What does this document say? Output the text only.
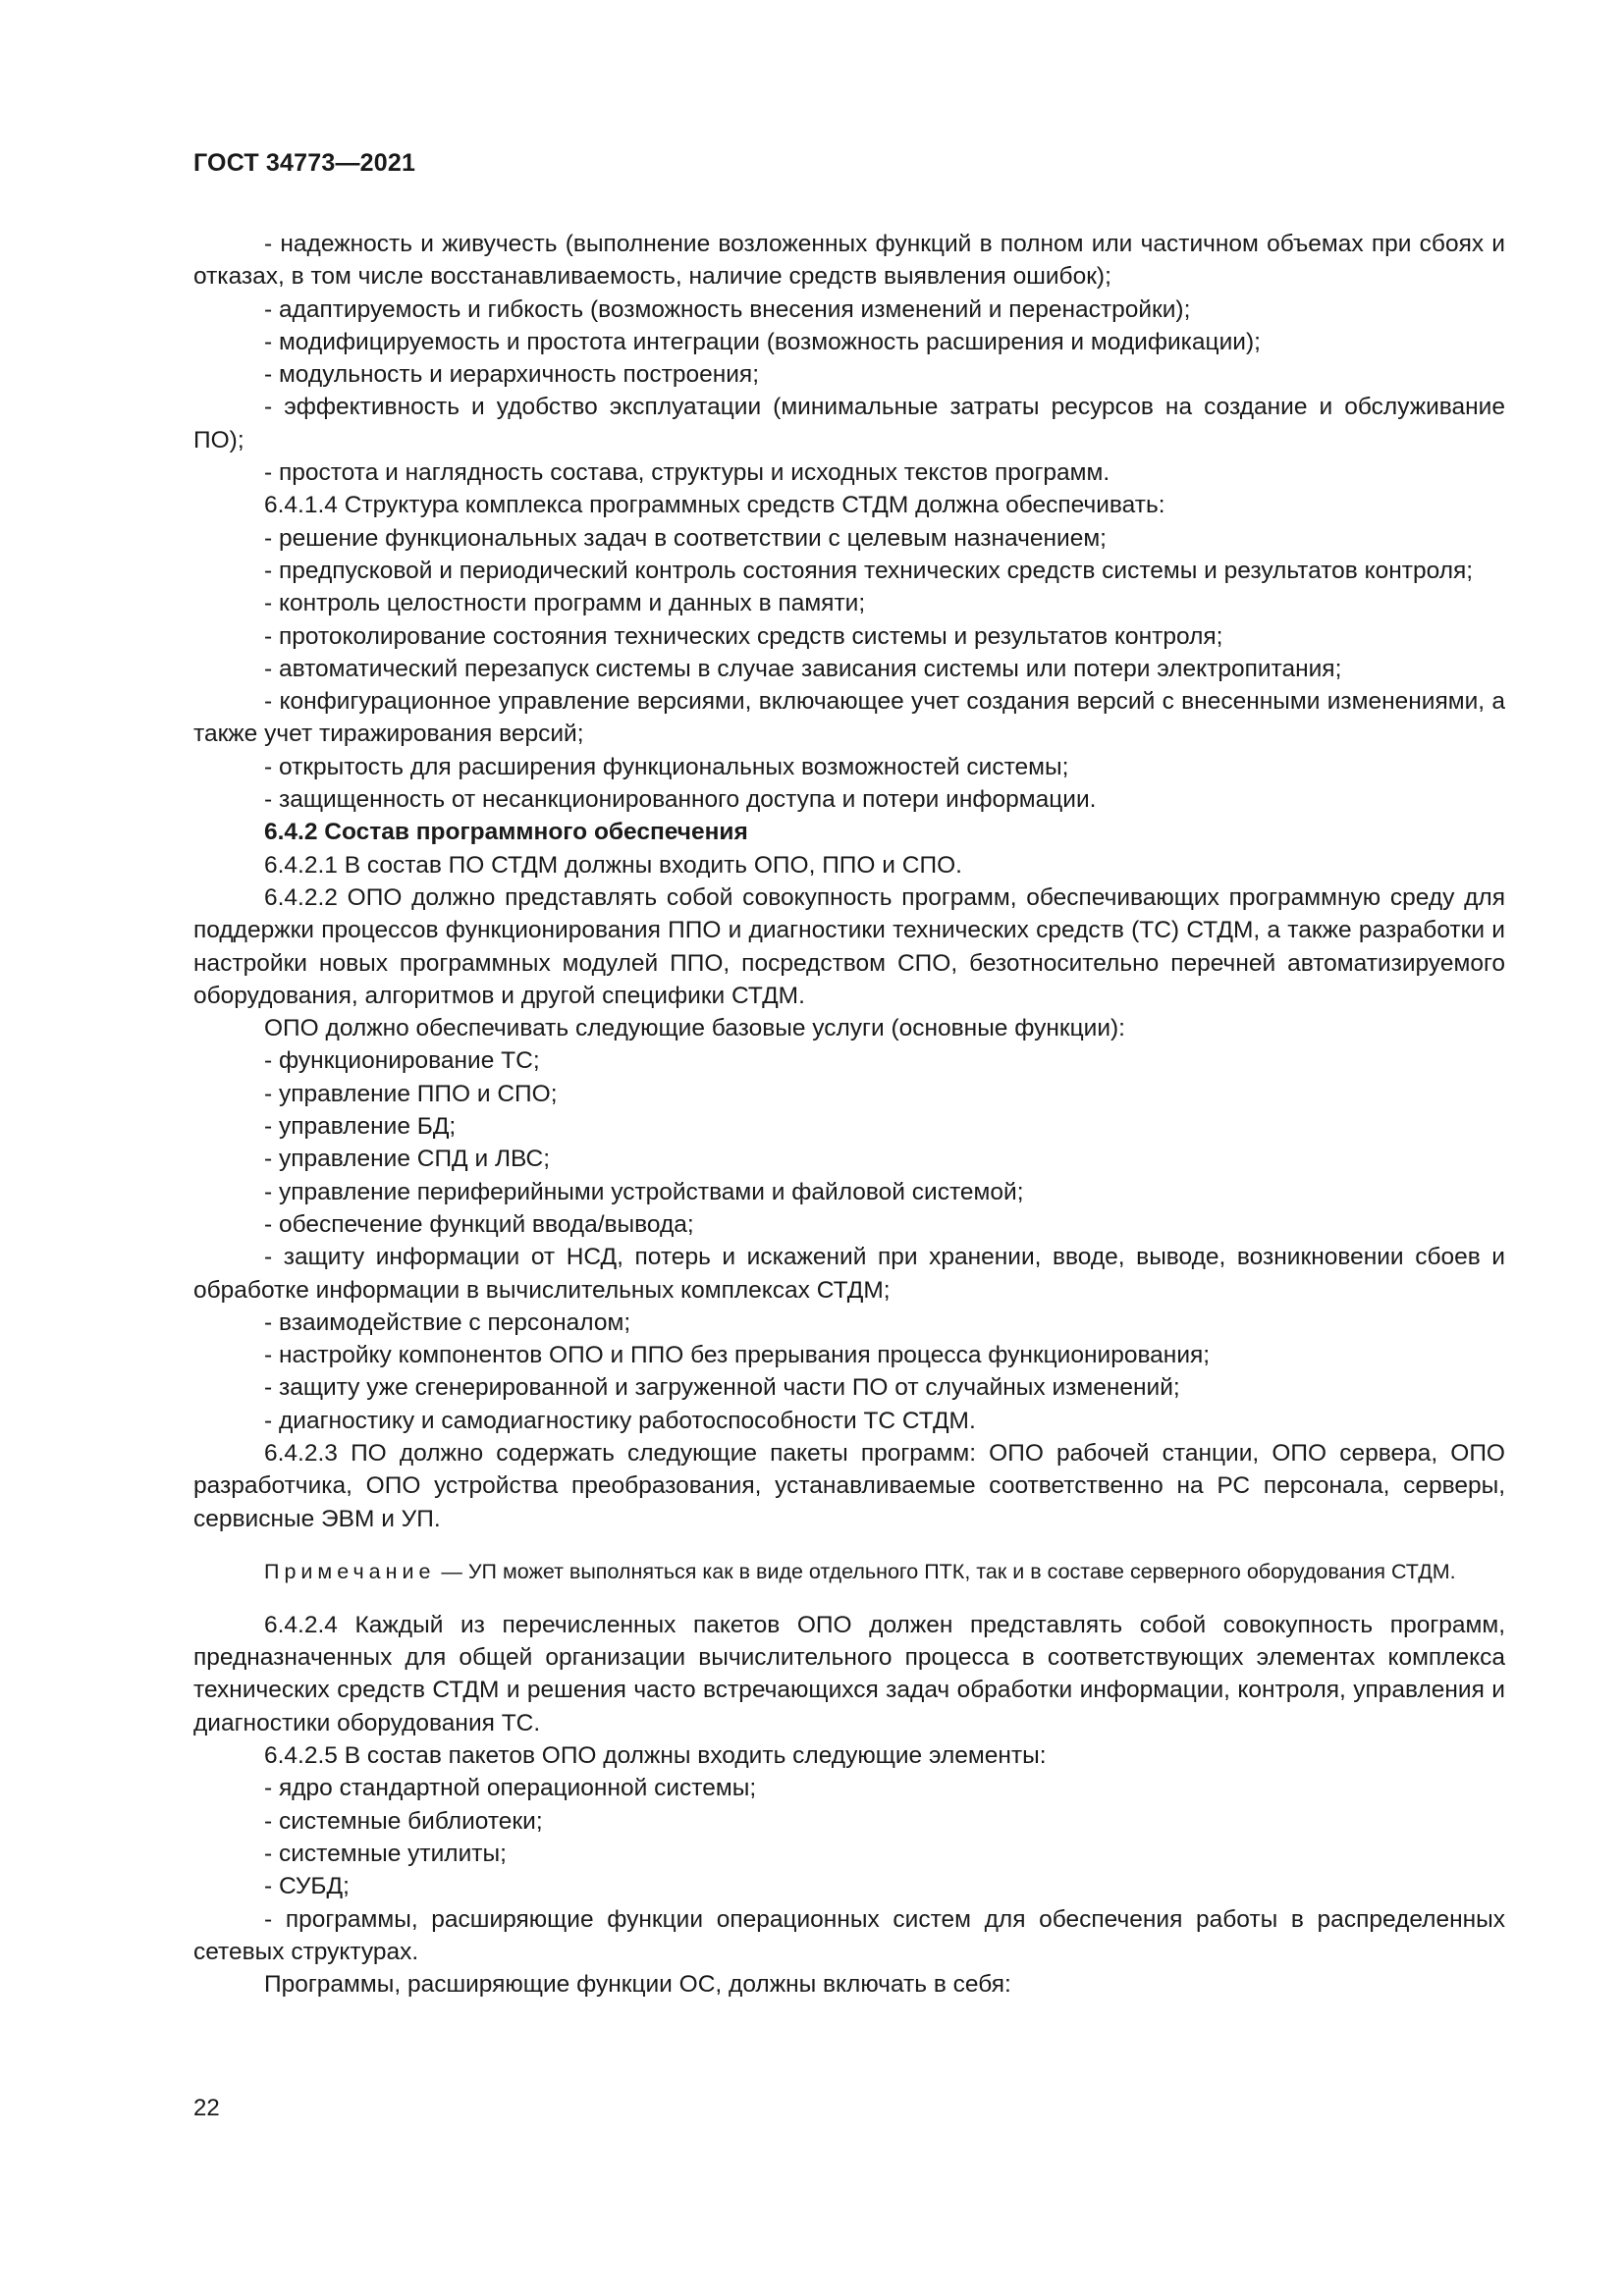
ГОСТ 34773—2021

- надежность и живучесть (выполнение возложенных функций в полном или частичном объемах при сбоях и отказах, в том числе восстанавливаемость, наличие средств выявления ошибок);

- адаптируемость и гибкость (возможность внесения изменений и перенастройки);

- модифицируемость и простота интеграции (возможность расширения и модификации);

- модульность и иерархичность построения;

- эффективность и удобство эксплуатации (минимальные затраты ресурсов на создание и обслуживание ПО);

- простота и наглядность состава, структуры и исходных текстов программ.

6.4.1.4 Структура комплекса программных средств СТДМ должна обеспечивать:

- решение функциональных задач в соответствии с целевым назначением;

- предпусковой и периодический контроль состояния технических средств системы и результатов контроля;

- контроль целостности программ и данных в памяти;

- протоколирование состояния технических средств системы и результатов контроля;

- автоматический перезапуск системы в случае зависания системы или потери электропитания;

- конфигурационное управление версиями, включающее учет создания версий с внесенными изменениями, а также учет тиражирования версий;

- открытость для расширения функциональных возможностей системы;

- защищенность от несанкционированного доступа и потери информации.

6.4.2 Состав программного обеспечения

6.4.2.1 В состав ПО СТДМ должны входить ОПО, ППО и СПО.

6.4.2.2 ОПО должно представлять собой совокупность программ, обеспечивающих программную среду для поддержки процессов функционирования ППО и диагностики технических средств (ТС) СТДМ, а также разработки и настройки новых программных модулей ППО, посредством СПО, безотносительно перечней автоматизируемого оборудования, алгоритмов и другой специфики СТДМ.

ОПО должно обеспечивать следующие базовые услуги (основные функции):

- функционирование ТС;

- управление ППО и СПО;

- управление БД;

- управление СПД и ЛВС;

- управление периферийными устройствами и файловой системой;

- обеспечение функций ввода/вывода;

- защиту информации от НСД, потерь и искажений при хранении, вводе, выводе, возникновении сбоев и обработке информации в вычислительных комплексах СТДМ;

- взаимодействие с персоналом;

- настройку компонентов ОПО и ППО без прерывания процесса функционирования;

- защиту уже сгенерированной и загруженной части ПО от случайных изменений;

- диагностику и самодиагностику работоспособности ТС СТДМ.

6.4.2.3 ПО должно содержать следующие пакеты программ: ОПО рабочей станции, ОПО сервера, ОПО разработчика, ОПО устройства преобразования, устанавливаемые соответственно на РС персонала, серверы, сервисные ЭВМ и УП.

Примечание — УП может выполняться как в виде отдельного ПТК, так и в составе серверного оборудования СТДМ.

6.4.2.4 Каждый из перечисленных пакетов ОПО должен представлять собой совокупность программ, предназначенных для общей организации вычислительного процесса в соответствующих элементах комплекса технических средств СТДМ и решения часто встречающихся задач обработки информации, контроля, управления и диагностики оборудования ТС.

6.4.2.5 В состав пакетов ОПО должны входить следующие элементы:

- ядро стандартной операционной системы;

- системные библиотеки;

- системные утилиты;

- СУБД;

- программы, расширяющие функции операционных систем для обеспечения работы в распределенных сетевых структурах.

Программы, расширяющие функции ОС, должны включать в себя:

22
